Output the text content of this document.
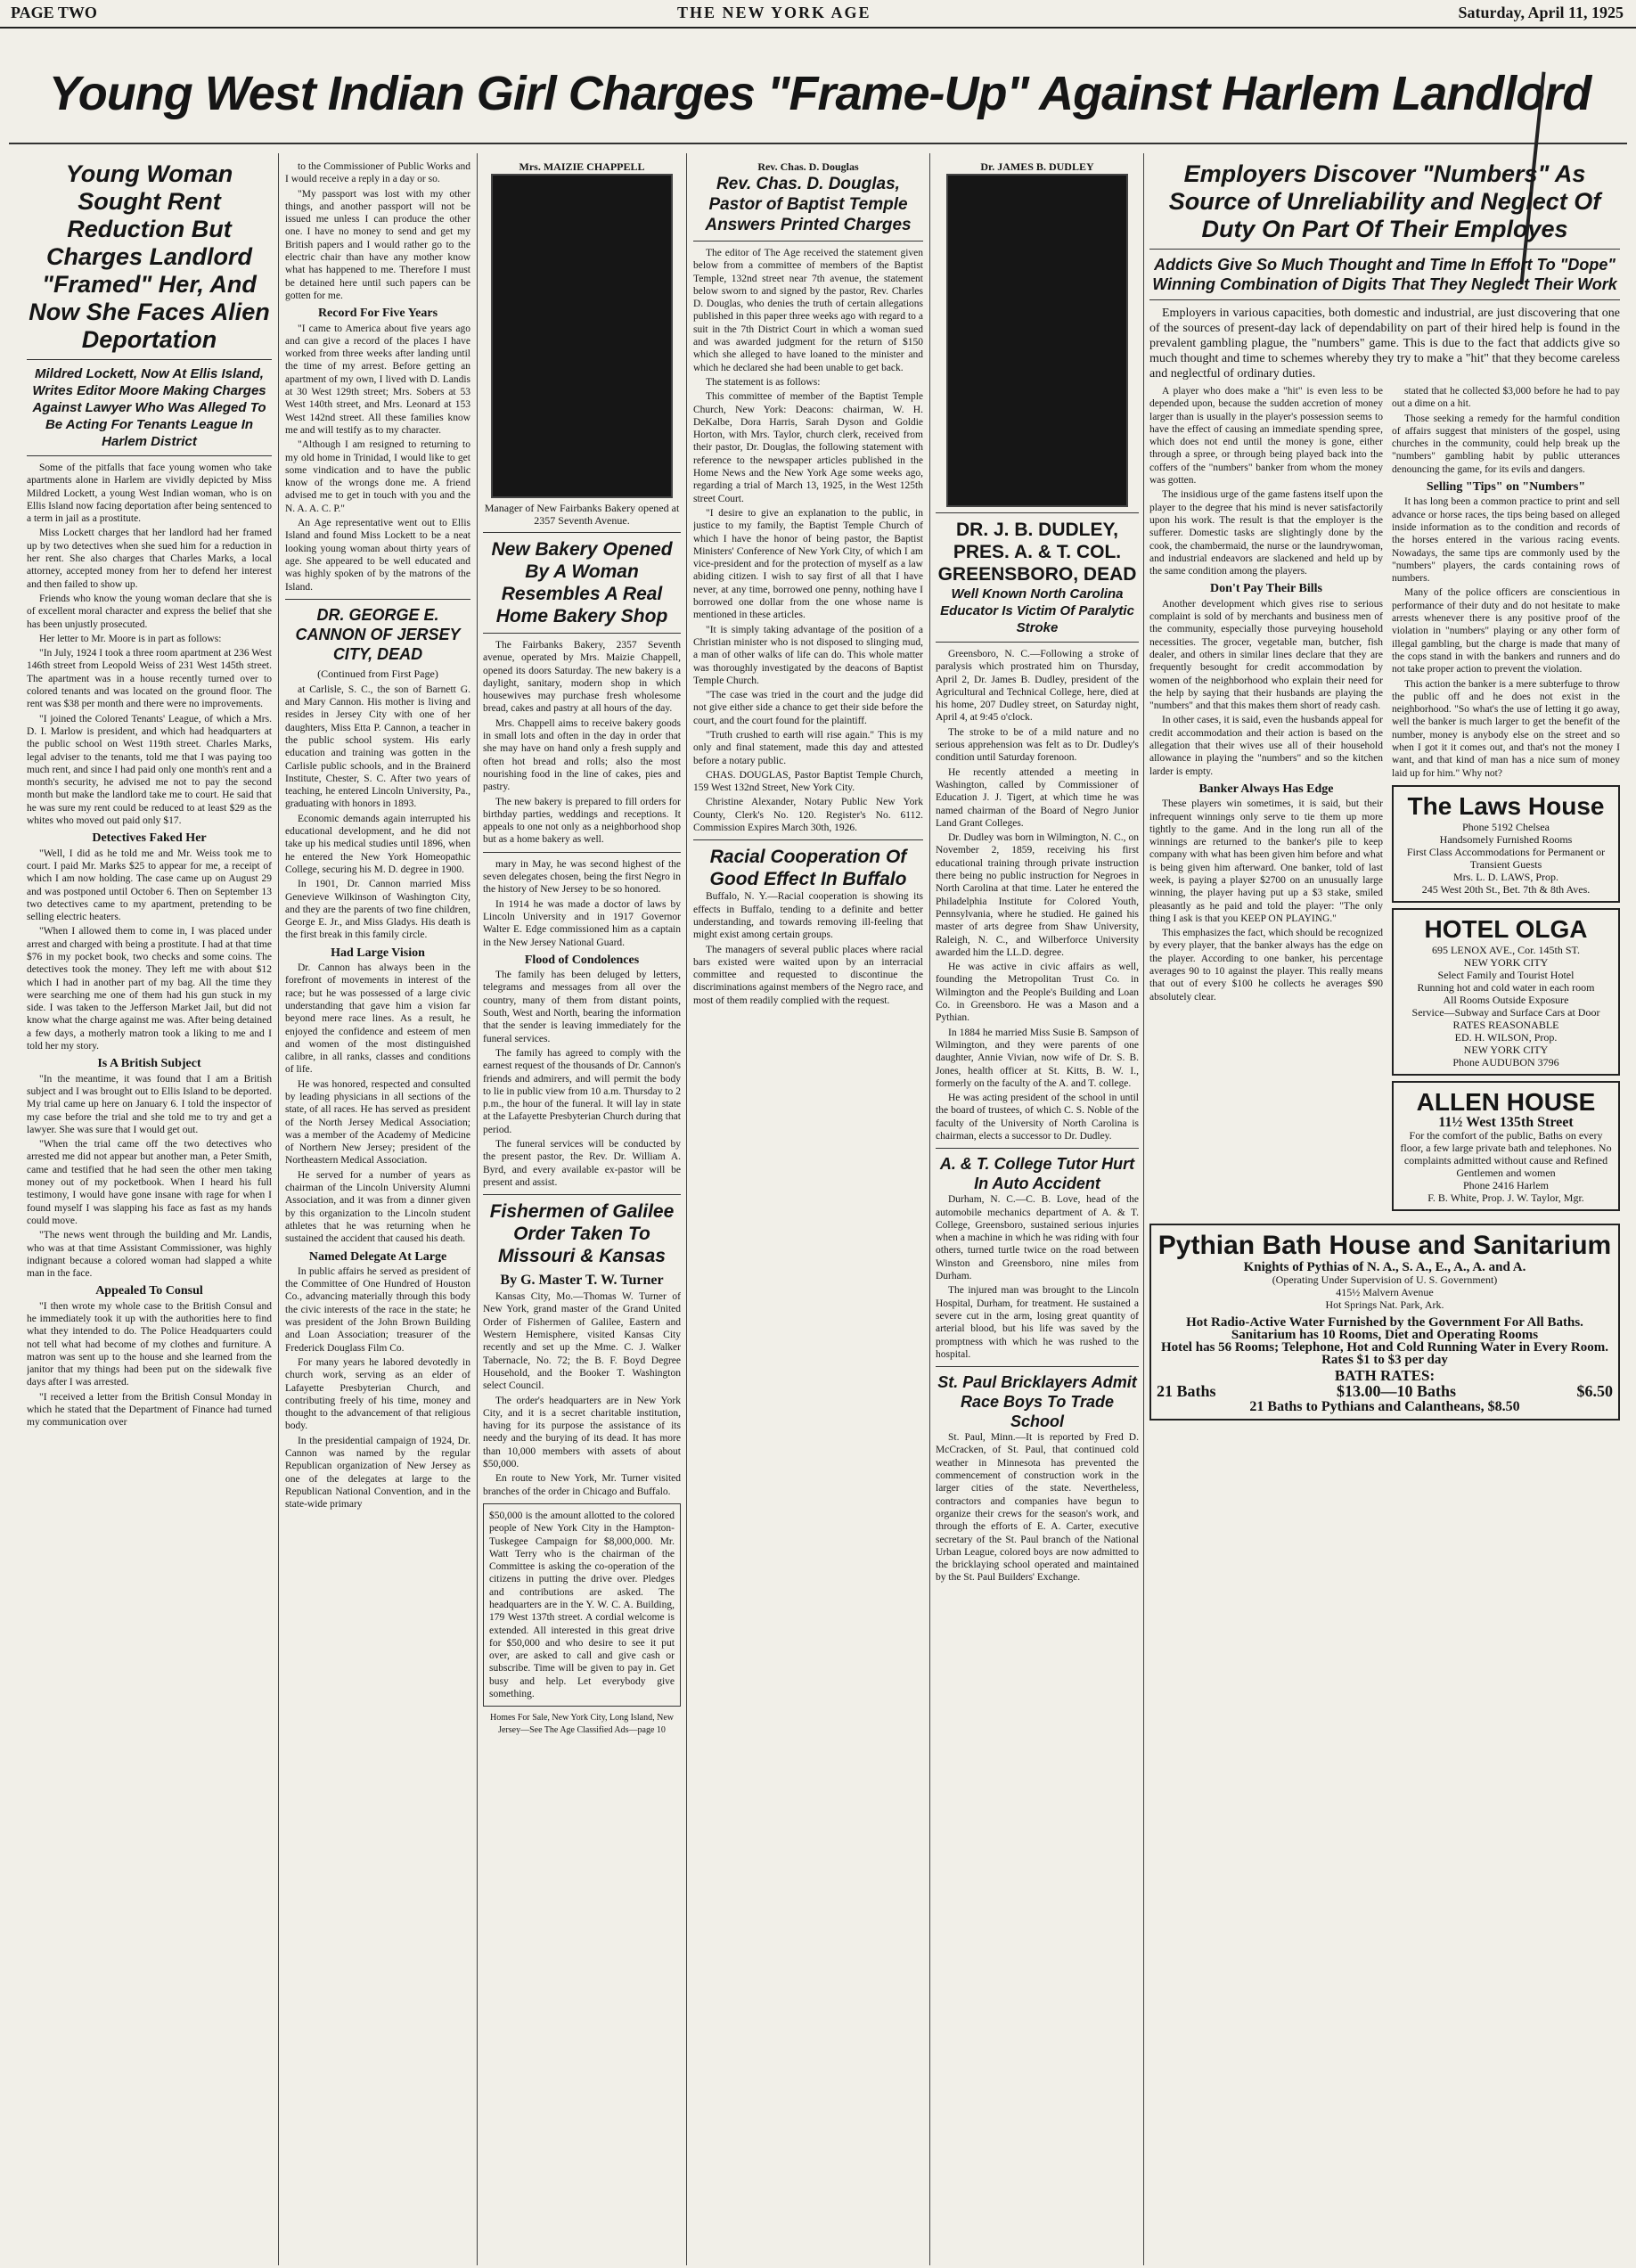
PAGE TWO	THE NEW YORK AGE	Saturday, April 11, 1925
Young West Indian Girl Charges "Frame-Up" Against Harlem Landlord
Young Woman Sought Rent Reduction But Charges Landlord "Framed" Her, And Now She Faces Alien Deportation
Mildred Lockett, Now At Ellis Island, Writes Editor Moore Making Charges Against Lawyer Who Was Alleged To Be Acting For Tenants League In Harlem District

Some of the pitfalls that face young women who take apartments alone in Harlem are vividly depicted by Miss Mildred Lockett, a young West Indian woman, who is on Ellis Island now facing deportation after being sentenced to a term in jail as a prostitute.

Miss Lockett charges that her landlord had her framed up by two detectives when she sued him for a reduction in her rent. She also charges that Charles Marks, a local attorney, accepted money from her to defend her interest and then failed to show up.

Friends who know the young woman declare that she is of excellent moral character and express the belief that she has been unjustly prosecuted.

Her letter to Mr. Moore is in part as follows:

"In July, 1924 I took a three room apartment at 236 West 146th street from Leopold Weiss of 231 West 145th street. The apartment was in a house recently turned over to colored tenants and was located on the ground floor. The rent was $38 per month and there were no improvements.

"I joined the Colored Tenants' League, of which a Mrs. D. I. Marlow is president, and which had headquarters at the public school on West 119th street. Charles Marks, legal adviser to the tenants, told me that I was paying too much rent, and since I had paid only one month's rent and a month's security, he advised me not to pay the second month but make the landlord take me to court. He said that he was sure my rent could be reduced to at least $29 as the whites who moved out paid only $17.

Detectives Faked Her

"Well, I did as he told me and Mr. Weiss took me to court. I paid Mr. Marks $25 to appear for me, a receipt of which I am now holding. The case came up on August 29 and was postponed until October 6. Then on September 13 two detectives came to my apartment, pretending to be selling electric heaters.

"When I allowed them to come in, I was placed under arrest and charged with being a prostitute. I had at that time $76 in my pocket book, two checks and some coins. The detectives took the money. They left me with about $12 which I had in another part of my bag. All the time they were searching me one of them had his gun stuck in my side. I was taken to the Jefferson Market Jail, but did not know what the charge against me was. After being detained a few days, a motherly matron took a liking to me and I told her my story.

Is A British Subject

"In the meantime, it was found that I am a British subject and I was brought out to Ellis Island to be deported. My trial came up here on January 6. I told the inspector of my case before the trial and she told me to try and get a lawyer. She was sure that I would get out.

"When the trial came off the two detectives who arrested me did not appear but another man, a Peter Smith, came and testified that he had seen the other men taking money out of my pocketbook. When I heard his full testimony, I would have gone insane with rage for when I found myself I was slapping his face as fast as my hands could move.

"The news went through the building and Mr. Landis, who was at that time Assistant Commissioner, was highly indignant because a colored woman had slapped a white man in the face.

Appealed To Consul

"I then wrote my whole case to the British Consul and he immediately took it up with the authorities here to find what they intended to do. The Police Headquarters could not tell what had become of my clothes and furniture. A matron was sent up to the house and she learned from the janitor that my things had been put on the sidewalk five days after I was arrested.

"I received a letter from the British Consul Monday in which he stated that the Department of Finance had turned my communication over

to the Commissioner of Public Works and I would receive a reply in a day or so.

"My passport was lost with my other things, and another passport will not be issued me unless I can produce the other one. I have no money to send and get my British papers and I would rather go to the electric chair than have any mother know what has happened to me. Therefore I must be detained here until such papers can be gotten for me.

Record For Five Years

"I came to America about five years ago and can give a record of the places I have worked from three weeks after landing until the time of my arrest. Before getting an apartment of my own, I lived with D. Landis at 30 West 129th street; Mrs. Sobers at 53 West 140th street, and Mrs. Leonard at 153 West 142nd street. All these families know me and will testify as to my character.

"Although I am resigned to returning to my old home in Trinidad, I would like to get some vindication and to have the public know of the wrongs done me. A friend advised me to get in touch with you and the N. A. A. C. P."

An Age representative went out to Ellis Island and found Miss Lockett to be a neat looking young woman about thirty years of age. She appeared to be well educated and was highly spoken of by the matrons of the Island.

DR. GEORGE E. CANNON OF JERSEY CITY, DEAD
(Continued from First Page)

at Carlisle, S. C., the son of Barnett G. and Mary Cannon. His mother is living and resides in Jersey City with one of her daughters, Miss Etta P. Cannon, a teacher in the public school system. His early education and training was gotten in the Carlisle public schools, and in the Brainerd Institute, Chester, S. C. After two years of teaching, he entered Lincoln University, Pa., graduating with honors in 1893.

Economic demands again interrupted his educational development, and he did not take up his medical studies until 1896, when he entered the New York Homeopathic College, securing his M. D. degree in 1900.

In 1901, Dr. Cannon married Miss Genevieve Wilkinson of Washington City, and they are the parents of two fine children, George E. Jr., and Miss Gladys. His death is the first break in this family circle.

Had Large Vision

Dr. Cannon has always been in the forefront of movements in interest of the race; but he was possessed of a large civic understanding that gave him a vision far beyond mere race lines. As a result, he enjoyed the confidence and esteem of men and women of the most distinguished calibre, in all ranks, classes and conditions of life.

He was honored, respected and consulted by leading physicians in all sections of the state, of all races. He has served as president of the North Jersey Medical Association; was a member of the Academy of Medicine of Northern New Jersey; president of the Northeastern Medical Association.

He served for a number of years as chairman of the Lincoln University Alumni Association, and it was from a dinner given by this organization to the Lincoln student athletes that he was returning when he sustained the accident that caused his death.

Named Delegate At Large

In public affairs he served as president of the Committee of One Hundred of Houston Co., advancing materially through this body the civic interests of the race in the state; he was president of the John Brown Building and Loan Association; treasurer of the Frederick Douglass Film Co.

For many years he labored devotedly in church work, serving as an elder of Lafayette Presbyterian Church, and contributing freely of his time, money and thought to the advancement of that religious body.

In the presidential campaign of 1924, Dr. Cannon was named by the regular Republican organization of New Jersey as one of the delegates at large to the Republican National Convention, and in the state-wide primary

Mrs. MAIZIE CHAPPELL
Manager of New Fairbanks Bakery opened at 2357 Seventh Avenue.
New Bakery Opened By A Woman Resembles A Real Home Bakery Shop

The Fairbanks Bakery, 2357 Seventh avenue, operated by Mrs. Maizie Chappell, opened its doors Saturday. The new bakery is a daylight, sanitary, modern shop in which housewives may purchase fresh wholesome bread, cakes and pastry at all hours of the day.

Mrs. Chappell aims to receive bakery goods in small lots and often in the day in order that she may have on hand only a fresh supply and often hot bread and rolls; also the most nourishing food in the line of cakes, pies and pastry.

The new bakery is prepared to fill orders for birthday parties, weddings and receptions. It appeals to one not only as a neighborhood shop but as a home bakery as well.

mary in May, he was second highest of the seven delegates chosen, being the first Negro in the history of New Jersey to be so honored.

In 1914 he was made a doctor of laws by Lincoln University and in 1917 Governor Walter E. Edge commissioned him as a captain in the New Jersey National Guard.

Flood of Condolences

The family has been deluged by letters, telegrams and messages from all over the country, many of them from distant points, South, West and North, bearing the information that the sender is leaving immediately for the funeral services.

The family has agreed to comply with the earnest request of the thousands of Dr. Cannon's friends and admirers, and will permit the body to lie in public view from 10 a.m. Thursday to 2 p.m., the hour of the funeral. It will lay in state at the Lafayette Presbyterian Church during that period.

The funeral services will be conducted by the present pastor, the Rev. Dr. William A. Byrd, and every available ex-pastor will be present and assist.

Fishermen of Galilee Order Taken To Missouri & Kansas
By G. Master T. W. Turner

Kansas City, Mo.—Thomas W. Turner of New York, grand master of the Grand United Order of Fishermen of Galilee, Eastern and Western Hemisphere, visited Kansas City recently and set up the Mme. C. J. Walker Tabernacle, No. 72; the B. F. Boyd Degree Household, and the Booker T. Washington select Council.

The order's headquarters are in New York City, and it is a secret charitable institution, having for its purpose the assistance of its needy and the burying of its dead. It has more than 10,000 members with assets of about $50,000.

En route to New York, Mr. Turner visited branches of the order in Chicago and Buffalo.

$50,000 is the amount allotted to the colored people of New York City in the Hampton-Tuskegee Campaign for $8,000,000. Mr. Watt Terry who is the chairman of the Committee is asking the co-operation of the citizens in putting the drive over. Pledges and contributions are asked. The headquarters are in the Y. W. C. A. Building, 179 West 137th street. A cordial welcome is extended. All interested in this great drive for $50,000 and who desire to see it put over, are asked to call and give cash or subscribe. Time will be given to pay in. Get busy and help. Let everybody give something.
Homes For Sale, New York City, Long Island, New Jersey—See The Age Classified Ads—page 10
Rev. Chas. D. Douglas
Rev. Chas. D. Douglas, Pastor of Baptist Temple Answers Printed Charges

The editor of The Age received the statement given below from a committee of members of the Baptist Temple, 132nd street near 7th avenue, the statement below sworn to and signed by the pastor, Rev. Charles D. Douglas, who denies the truth of certain allegations published in this paper three weeks ago with regard to a suit in the 7th District Court in which a woman sued and was awarded judgment for the return of $150 which she alleged to have loaned to the minister and which he declared she had been unable to get back.

The statement is as follows:

This committee of member of the Baptist Temple Church, New York: Deacons: chairman, W. H. DeKalbe, Dora Harris, Sarah Dyson and Goldie Horton, with Mrs. Taylor, church clerk, received from their pastor, Dr. Douglas, the following statement with reference to the newspaper articles published in the Home News and the New York Age some weeks ago, regarding a trial of March 13, 1925, in the West 125th street Court.

"I desire to give an explanation to the public, in justice to my family, the Baptist Temple Church of which I have the honor of being pastor, the Baptist Ministers' Conference of New York City, of which I am vice-president and for the protection of myself as a law abiding citizen. I wish to say first of all that I have never, at any time, borrowed one penny, nothing have I borrowed one dollar from the one whose name is mentioned in these articles.

"It is simply taking advantage of the position of a Christian minister who is not disposed to slinging mud, a man of other walks of life can do. This whole matter was thoroughly investigated by the deacons of Baptist Temple Church.

"The case was tried in the court and the judge did not give either side a chance to get their side before the court, and the court found for the plaintiff.

"Truth crushed to earth will rise again." This is my only and final statement, made this day and attested before a notary public.

CHAS. DOUGLAS, Pastor Baptist Temple Church, 159 West 132nd Street, New York City.

Christine Alexander, Notary Public New York County, Clerk's No. 120. Register's No. 6112. Commission Expires March 30th, 1926.

Racial Cooperation Of Good Effect In Buffalo

Buffalo, N. Y.—Racial cooperation is showing its effects in Buffalo, tending to a definite and better understanding, and towards removing ill-feeling that might exist among certain groups.

The managers of several public places where racial bars existed were waited upon by an interracial committee and requested to discontinue the discriminations against members of the Negro race, and most of them readily complied with the request.

Dr. JAMES B. DUDLEY
DR. J. B. DUDLEY, PRES. A. & T. COL. GREENSBORO, DEAD
Well Known North Carolina Educator Is Victim Of Paralytic Stroke

Greensboro, N. C.—Following a stroke of paralysis which prostrated him on Thursday, April 2, Dr. James B. Dudley, president of the Agricultural and Technical College, here, died at his home, 207 Dudley street, on Saturday night, April 4, at 9:45 o'clock.

The stroke to be of a mild nature and no serious apprehension was felt as to Dr. Dudley's condition until Saturday forenoon.

He recently attended a meeting in Washington, called by Commissioner of Education J. J. Tigert, at which time he was named chairman of the Board of Negro Junior Land Grant Colleges.

Dr. Dudley was born in Wilmington, N. C., on November 2, 1859, receiving his first educational training through private instruction there being no public instruction for Negroes in North Carolina at that time. Later he entered the Philadelphia Institute for Colored Youth, Pennsylvania, where he studied. He gained his master of arts degree from Shaw University, Raleigh, N. C., and Wilberforce University awarded him the LL.D. degree.

He was active in civic affairs as well, founding the Metropolitan Trust Co. in Wilmington and the People's Building and Loan Co. in Greensboro. He was a Mason and a Pythian.

In 1884 he married Miss Susie B. Sampson of Wilmington, and they were parents of one daughter, Annie Vivian, now wife of Dr. S. B. Jones, health officer at St. Kitts, B. W. I., formerly on the faculty of the A. and T. college.

He was acting president of the school in until the board of trustees, of which C. S. Noble of the faculty of the University of North Carolina is chairman, elects a successor to Dr. Dudley.

A. & T. College Tutor Hurt In Auto Accident

Durham, N. C.—C. B. Love, head of the automobile mechanics department of A. & T. College, Greensboro, sustained serious injuries when a machine in which he was riding with four others, turned turtle twice on the road between Winston and Greensboro, nine miles from Durham.

The injured man was brought to the Lincoln Hospital, Durham, for treatment. He sustained a severe cut in the arm, losing great quantity of arterial blood, but his life was saved by the promptness with which he was rushed to the hospital.

St. Paul Bricklayers Admit Race Boys To Trade School

St. Paul, Minn.—It is reported by Fred D. McCracken, of St. Paul, that continued cold weather in Minnesota has prevented the commencement of construction work in the larger cities of the state. Nevertheless, contractors and companies have begun to organize their crews for the season's work, and through the efforts of E. A. Carter, executive secretary of the St. Paul branch of the National Urban League, colored boys are now admitted to the bricklaying school operated and maintained by the St. Paul Builders' Exchange.

Employers Discover "Numbers" As Source of Unreliability and Neglect Of Duty On Part Of Their Employes
Addicts Give So Much Thought and Time In Effort To "Dope" Winning Combination of Digits That They Neglect Their Work

Employers in various capacities, both domestic and industrial, are just discovering that one of the sources of present-day lack of dependability on part of their hired help is found in the prevalent gambling plague, the "numbers" game. This is due to the fact that addicts give so much thought and time to schemes whereby they try to make a "hit" that they become careless and neglectful of ordinary duties.

A player who does make a "hit" is even less to be depended upon, because the sudden accretion of money larger than is usually in the player's possession seems to have the effect of causing an immediate spending spree, which does not end until the money is gone, either through a spree, or through being played back into the coffers of the "numbers" banker from whom the money was gotten.

The insidious urge of the game fastens itself upon the player to the degree that his mind is never satisfactorily upon his work. The result is that the employer is the sufferer. Domestic tasks are slightingly done by the cook, the chambermaid, the nurse or the laundrywoman, and industrial endeavors are slackened and held up by the same condition among the players.

Don't Pay Their Bills

Another development which gives rise to serious complaint is sold of by merchants and business men of the community, especially those purveying household necessities. The grocer, vegetable man, butcher, fish dealer, and others in similar lines declare that they are frequently besought for credit accommodation by women of the neighborhood who explain their need for the help by saying that their husbands are playing the "numbers" and that this makes them short of ready cash.

In other cases, it is said, even the husbands appeal for credit accommodation and their action is based on the allegation that their wives use all of their household allowance in playing the "numbers" and so the kitchen larder is empty.

Banker Always Has Edge

These players win sometimes, it is said, but their infrequent winnings only serve to tie them up more tightly to the game. And in the long run all of the winnings are returned to the banker's pile to keep company with what has been given him before and what is being given him afterward. One banker, told of last week, is paying a player $2700 on an unusually large winning, the player having put up a $3 stake, smiled pleasantly as he paid and told the player: "The only thing I ask is that you KEEP ON PLAYING."

This emphasizes the fact, which should be recognized by every player, that the banker always has the edge on the player. According to one banker, his percentage averages 90 to 10 against the player. This really means that out of every $100 he collects he averages $90 absolutely clear.

stated that he collected $3,000 before he had to pay out a dime on a hit.

Those seeking a remedy for the harmful condition of affairs suggest that ministers of the gospel, using churches in the community, could help break up the "numbers" gambling habit by public utterances denouncing the game, for its evils and dangers.

Selling "Tips" on "Numbers"

It has long been a common practice to print and sell advance or horse races, the tips being based on alleged inside information as to the condition and records of the horses entered in the various racing events. Nowadays, the same tips are commonly used by the "numbers" players, the cards containing rows of numbers.

Many of the police officers are conscientious in performance of their duty and do not hesitate to make arrests whenever there is any positive proof of the violation in "numbers" playing or any other form of illegal gambling, but the charge is made that many of the cops stand in with the bankers and runners and do not take proper action to prevent the violation.

This action the banker is a mere subterfuge to throw the public off and he does not exist in the neighborhood. "So what's the use of letting it go away, well the banker is much larger to get the benefit of the number, money is anybody else on the street and so when I got it it comes out, and that's not the money I want, and that kind of man has a nice sum of money laid up for him." Why not?

The Laws House
Phone 5192 Chelsea
Handsomely Furnished Rooms
First Class Accommodations for Permanent or Transient Guests
Mrs. L. D. LAWS, Prop.
245 West 20th St., Bet. 7th & 8th Aves.
HOTEL OLGA
695 LENOX AVE., Cor. 145th ST.
NEW YORK CITY
Select Family and Tourist Hotel
Running hot and cold water in each room
All Rooms Outside Exposure
Service—Subway and Surface Cars at Door
RATES REASONABLE
ED. H. WILSON, Prop.
NEW YORK CITY
Phone AUDUBON 3796
ALLEN HOUSE
11½ West 135th Street
For the comfort of the public, Baths on every floor, a few large private bath and telephones. No complaints admitted without cause and Refined Gentlemen and women
Phone 2416 Harlem
F. B. White, Prop. J. W. Taylor, Mgr.
Pythian Bath House and Sanitarium
Knights of Pythias of N. A., S. A., E., A., A. and A.
(Operating Under Supervision of U. S. Government)
415½ Malvern Avenue
Hot Springs Nat. Park, Ark.
Hot Radio-Active Water Furnished by the Government For All Baths. Sanitarium has 10 Rooms, Diet and Operating Rooms
Hotel has 56 Rooms; Telephone, Hot and Cold Running Water in Every Room. Rates $1 to $3 per day
BATH RATES:
21 Baths	$13.00—10 Baths	$6.50
21 Baths to Pythians and Calantheans, $8.50
